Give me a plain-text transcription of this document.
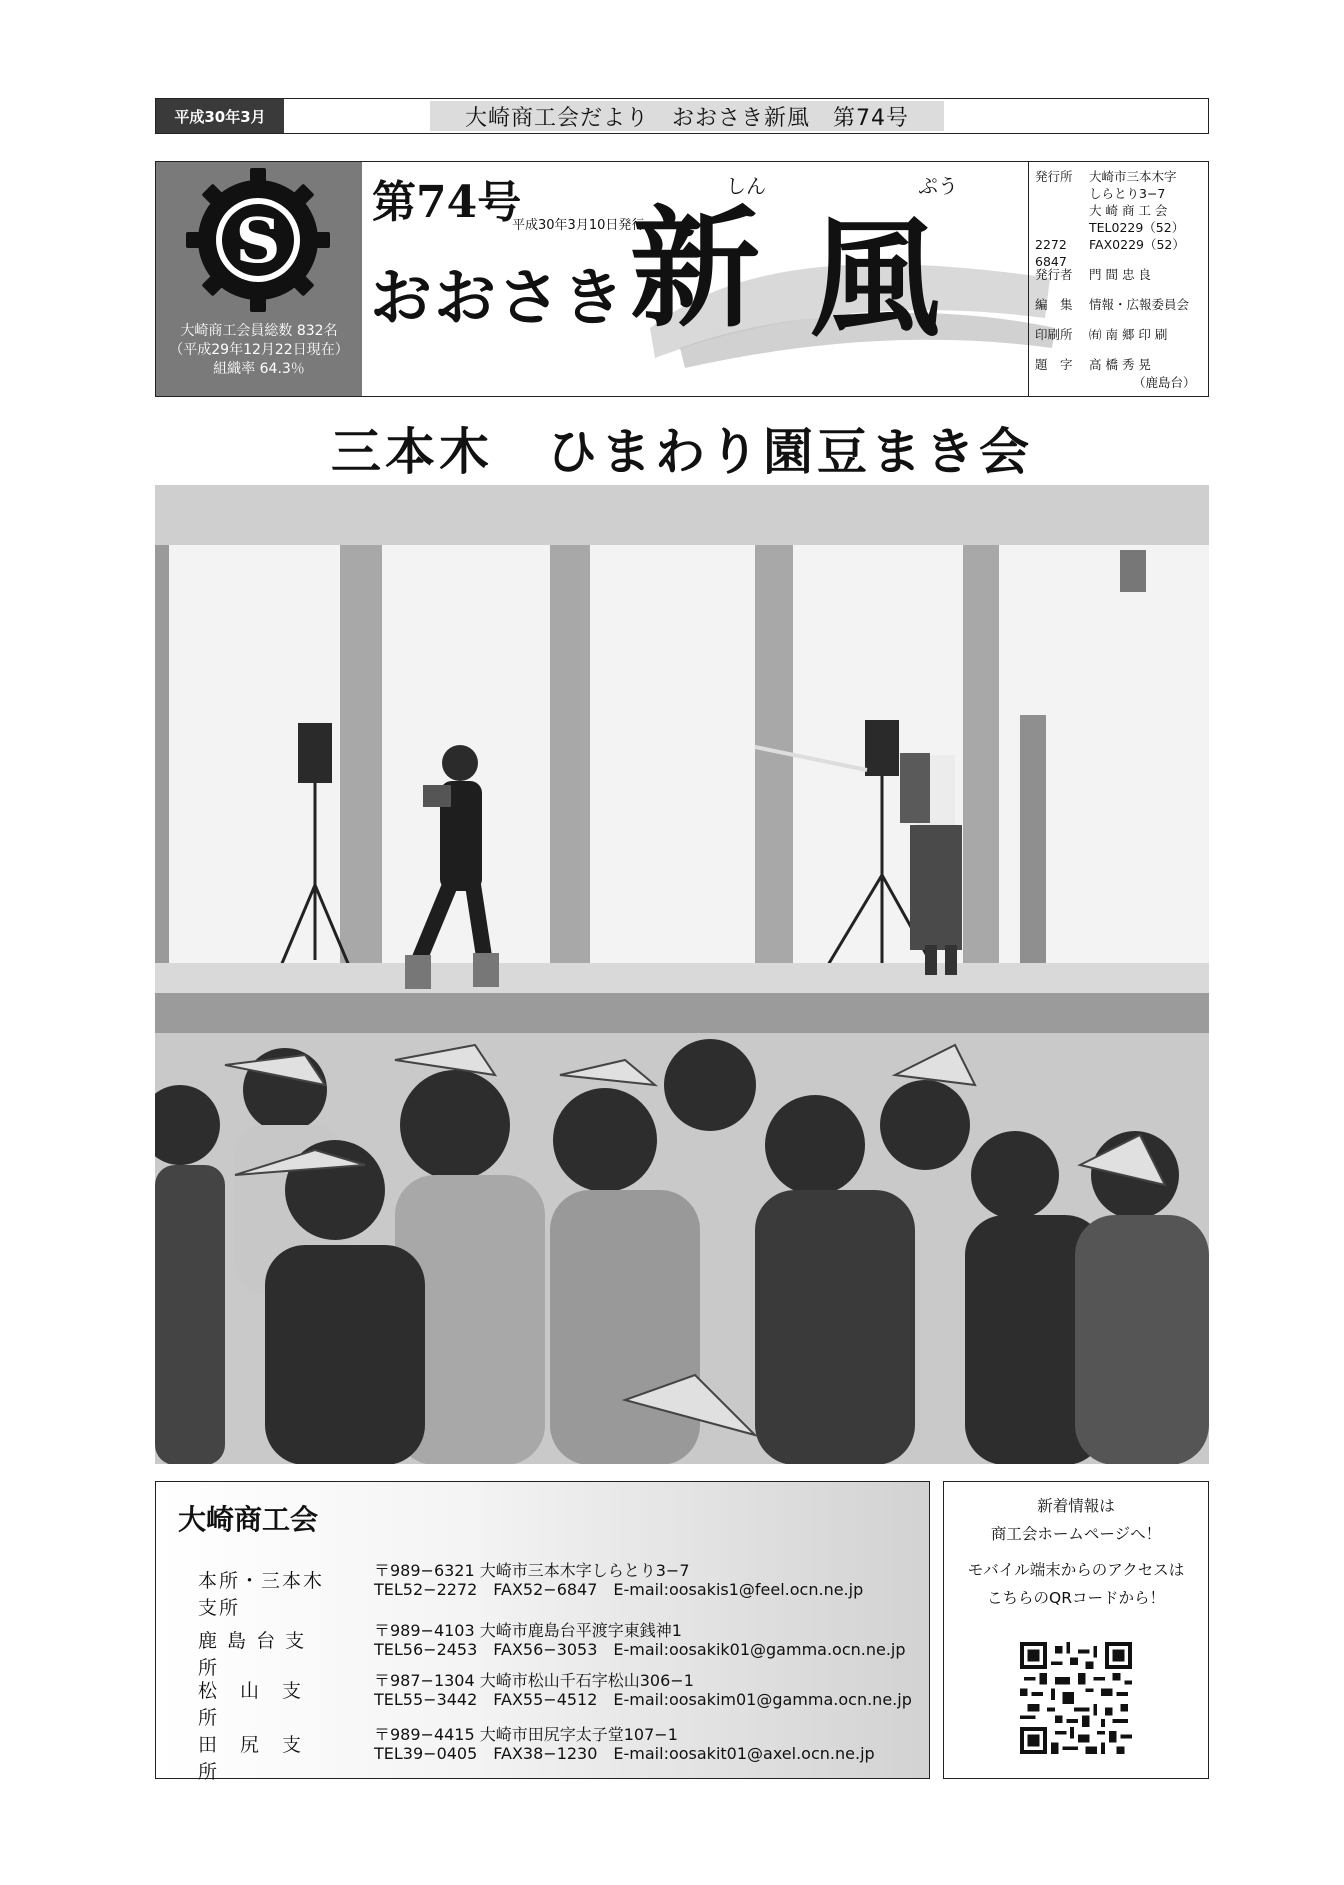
平成30年3月	大崎商工会だより　おおさき新風　第74号
S
大崎商工会員総数 832名
（平成29年12月22日現在）
組織率 64.3％
第74号
平成30年3月10日発行
おおさき
しん	ぷう
新 風
発行所 大崎市三本木字
しらとり3−7
大 崎 商 工 会
TEL0229（52）2272	FAX0229（52）6847
発行者 門 間 忠 良
編　集 情報・広報委員会
印刷所 ㈲ 南 郷 印 刷
題　字 高 橋 秀 晃
（鹿島台）
三本木　ひまわり園豆まき会
大崎商工会
本所・三本木支所
〒989−6321 大崎市三本木字しらとり3−7
TEL52−2272　FAX52−6847　E-mail:oosakis1@feel.ocn.ne.jp
鹿 島 台 支 所
〒989−4103 大崎市鹿島台平渡字東銭神1
TEL56−2453　FAX56−3053　E-mail:oosakik01@gamma.ocn.ne.jp
松　山　支　所
〒987−1304 大崎市松山千石字松山306−1
TEL55−3442　FAX55−4512　E-mail:oosakim01@gamma.ocn.ne.jp
田　尻　支　所
〒989−4415 大崎市田尻字太子堂107−1
TEL39−0405　FAX38−1230　E-mail:oosakit01@axel.ocn.ne.jp
新着情報は
商工会ホームページへ！
モバイル端末からのアクセスは
こちらのQRコードから！
